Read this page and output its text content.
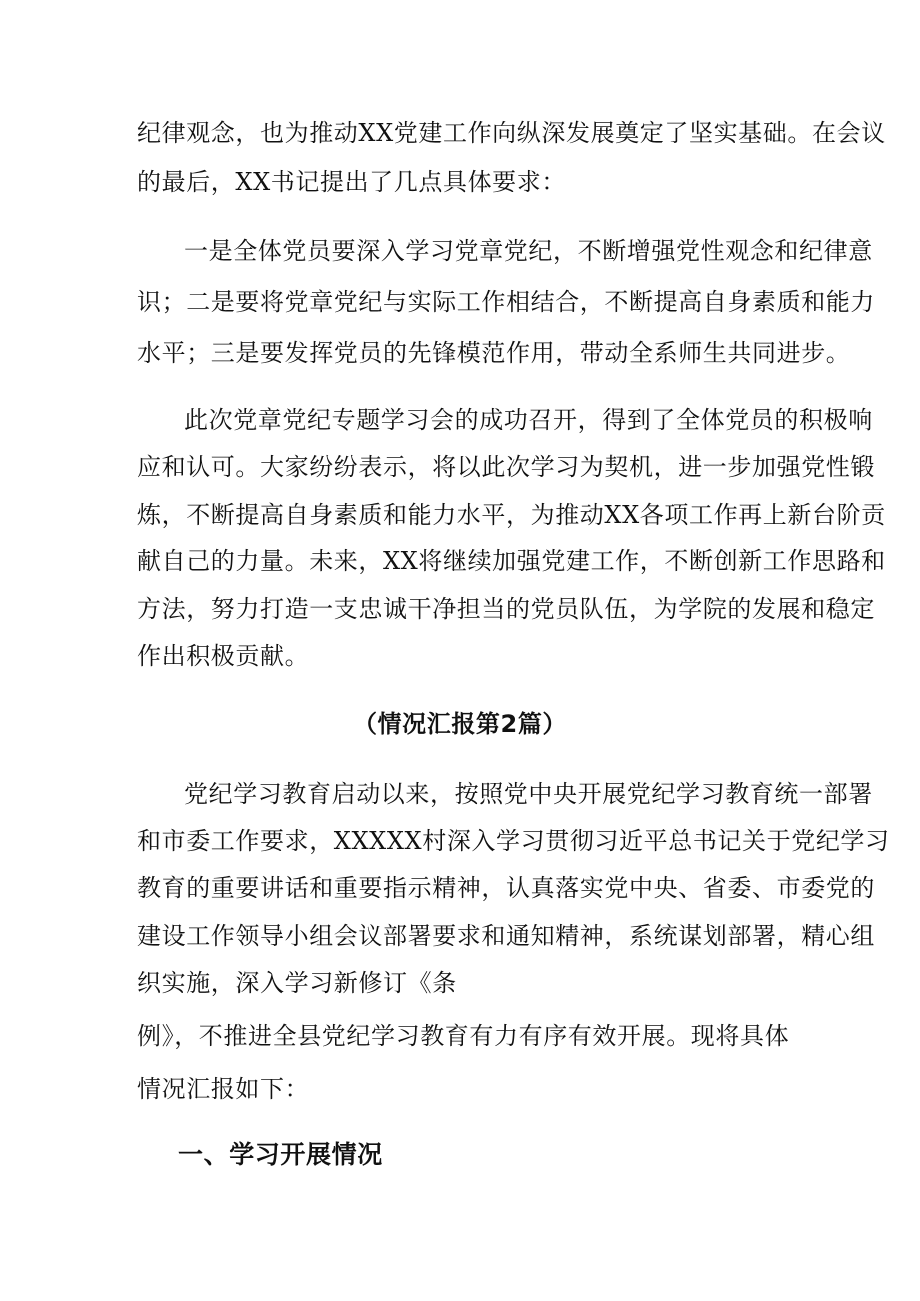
纪律观念，也为推动XX党建工作向纵深发展奠定了坚实基础。在会议
的最后，XX书记提出了几点具体要求：
一是全体党员要深入学习党章党纪，不断增强党性观念和纪律意
识；二是要将党章党纪与实际工作相结合，不断提高自身素质和能力
水平；三是要发挥党员的先锋模范作用，带动全系师生共同进步。
此次党章党纪专题学习会的成功召开，得到了全体党员的积极响
应和认可。大家纷纷表示，将以此次学习为契机，进一步加强党性锻
炼，不断提高自身素质和能力水平，为推动XX各项工作再上新台阶贡
献自己的力量。未来，XX将继续加强党建工作，不断创新工作思路和
方法，努力打造一支忠诚干净担当的党员队伍，为学院的发展和稳定
作出积极贡献。
（情况汇报第2篇）
党纪学习教育启动以来，按照党中央开展党纪学习教育统一部署
和市委工作要求，XXXXX村深入学习贯彻习近平总书记关于党纪学习
教育的重要讲话和重要指示精神，认真落实党中央、省委、市委党的
建设工作领导小组会议部署要求和通知精神，系统谋划部署，精心组
织实施，深入学习新修订《条
例》，不推进全县党纪学习教育有力有序有效开展。现将具体
情况汇报如下：
一、学习开展情况
